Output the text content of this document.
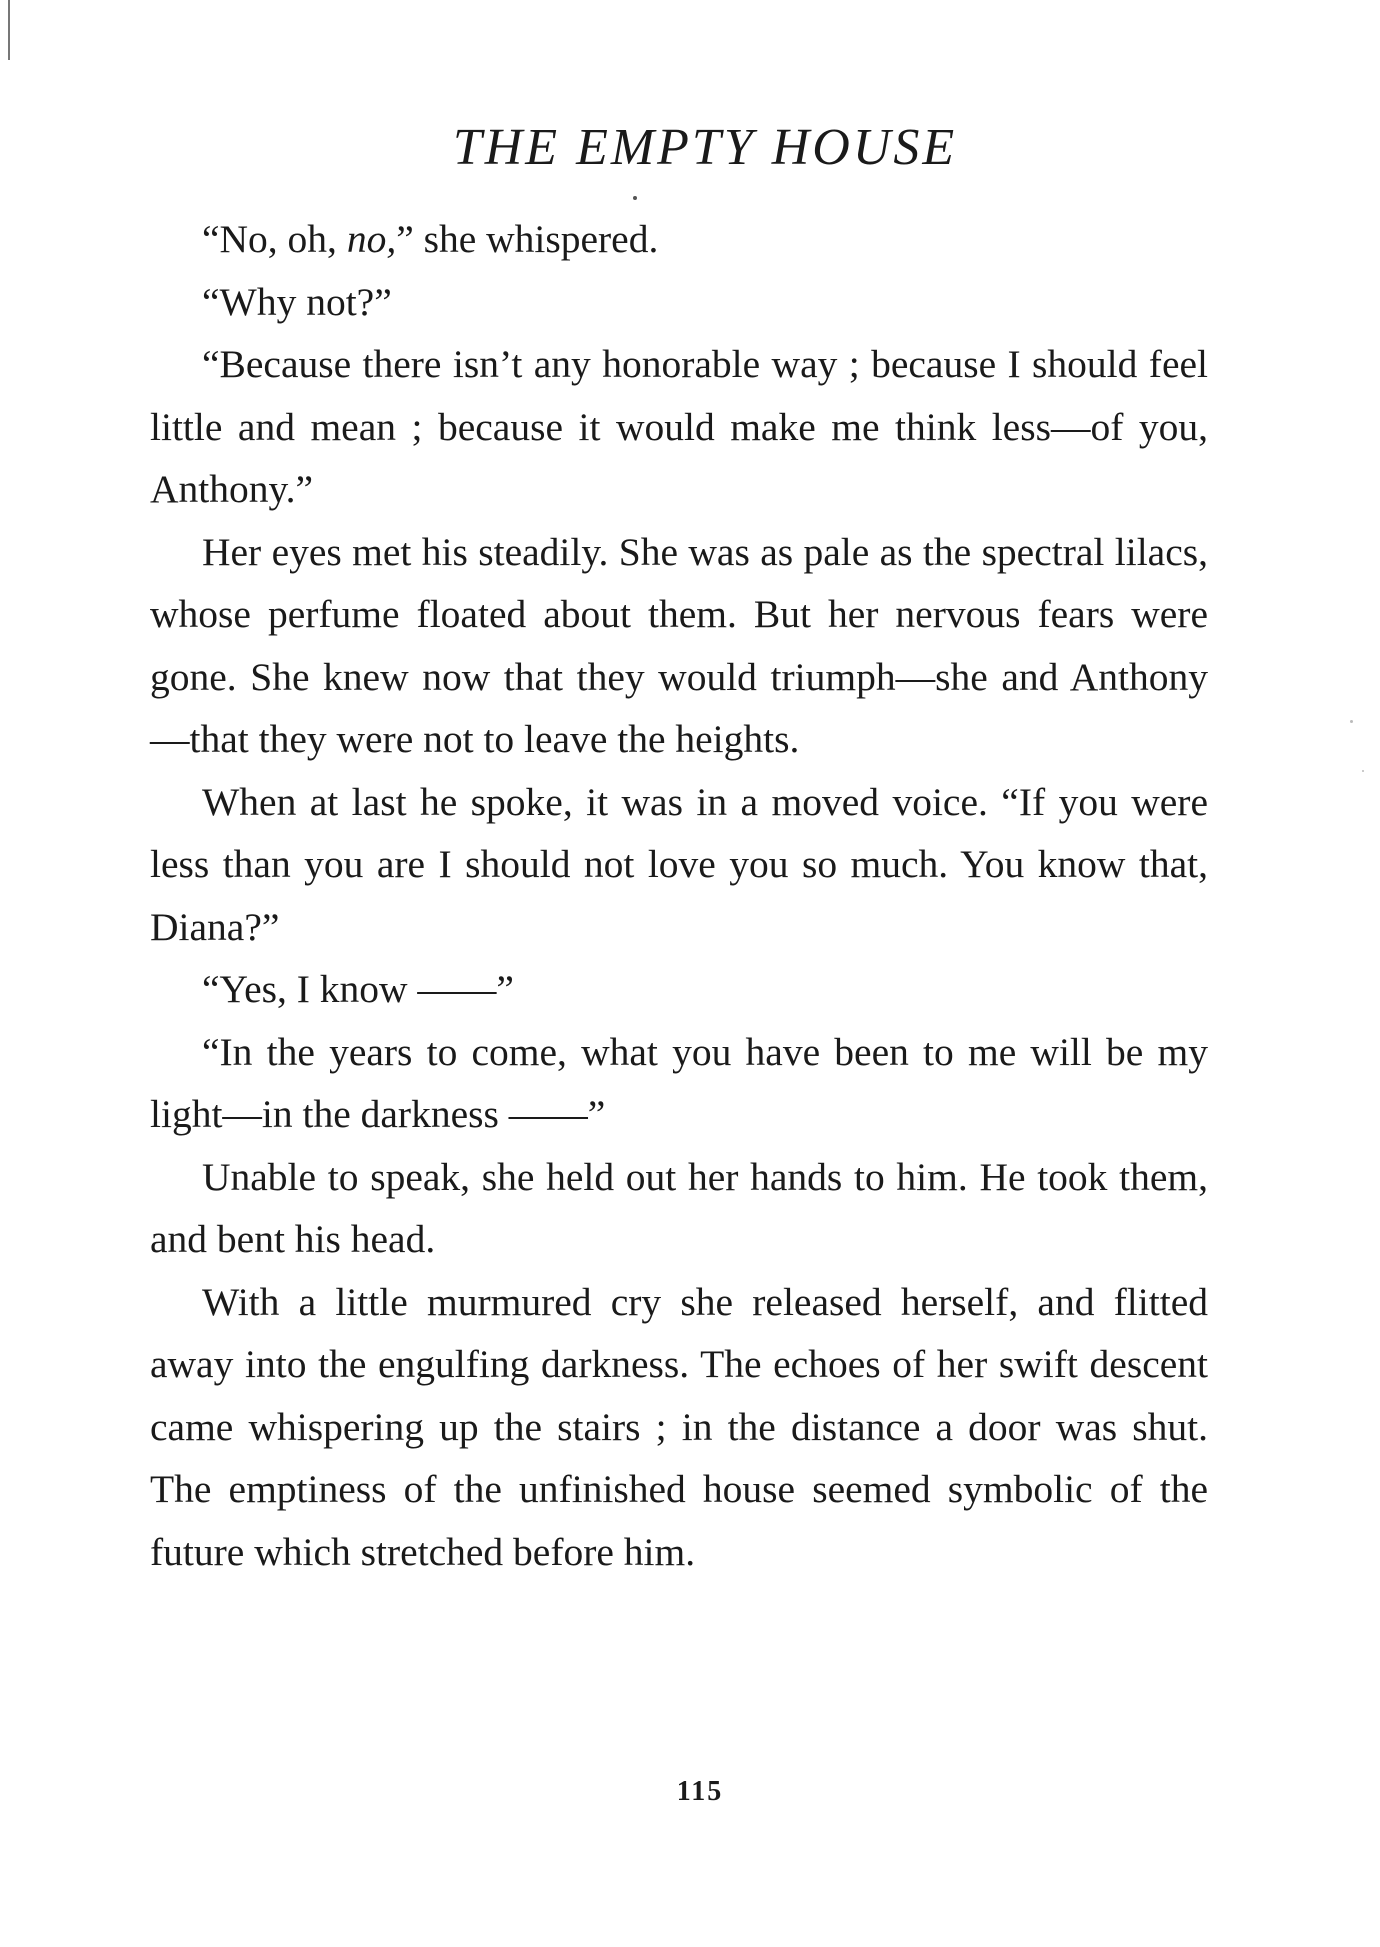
THE EMPTY HOUSE

“No, oh, no,” she whispered.

“Why not?”

“Because there isn’t any honorable way ; because I should feel little and mean ; because it would make me think less—of you, Anthony.”

Her eyes met his steadily. She was as pale as the spectral lilacs, whose perfume floated about them. But her nervous fears were gone. She knew now that they would triumph—she and Anthony—that they were not to leave the heights.

When at last he spoke, it was in a moved voice. “If you were less than you are I should not love you so much. You know that, Diana?”

“Yes, I know ——”

“In the years to come, what you have been to me will be my light—in the darkness ——”

Unable to speak, she held out her hands to him. He took them, and bent his head.

With a little murmured cry she released herself, and flitted away into the engulfing darkness. The echoes of her swift descent came whispering up the stairs ; in the distance a door was shut. The emptiness of the unfinished house seemed symbolic of the future which stretched before him.

115
